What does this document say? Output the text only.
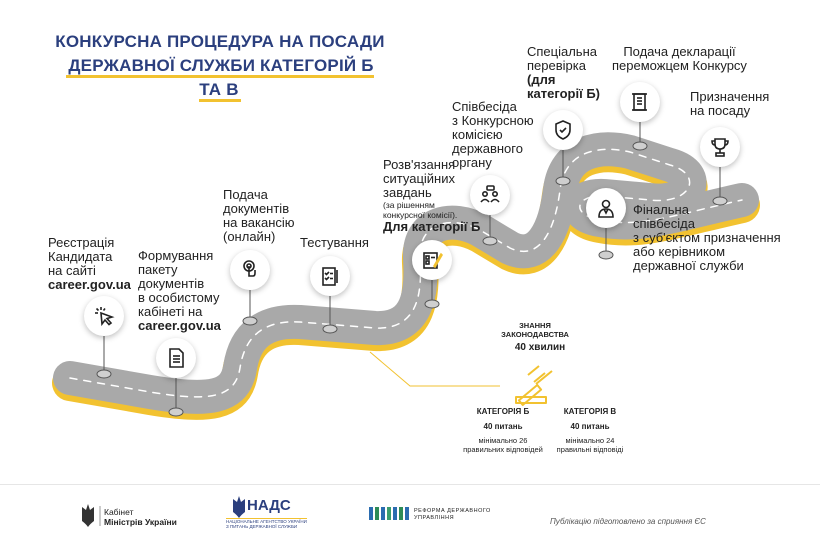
КОНКУРСНА ПРОЦЕДУРА НА ПОСАДИ
ДЕРЖАВНОЇ СЛУЖБИ КАТЕГОРІЙ Б ТА В
Реєстрація
Кандидата
на сайті
career.gov.ua
Формування
пакету
документів
в особистому
кабінеті на
career.gov.ua
Подача
документів
на вакансію
(онлайн)	Тестування
Розв'язання
ситуаційних
завдань
(за рішенням
конкурсної комісії).
Для категорії Б
Співбесіда
з Конкурсною
комісією
державного
органу
Спеціальна
перевірка
(для
категорії Б)
Подача декларації
переможцем Конкурсу
Призначення
на посаду
Фінальна
співбесіда
з суб'єктом призначення
або керівником
державної служби
ЗНАННЯ
ЗАКОНОДАВСТВА
40 хвилин
КАТЕГОРІЯ Б
40 питань
мінімально 26
правильних відповідей
КАТЕГОРІЯ В
40 питань
мінімально 24
правильні відповіді
Кабінет
Міністрів України
НАДС
НАЦІОНАЛЬНЕ АГЕНТСТВО УКРАЇНИ
З ПИТАНЬ ДЕРЖАВНОЇ СЛУЖБИ
РЕФОРМА ДЕРЖАВНОГО
УПРАВЛІННЯ	Публікацію підготовлено за сприяння ЄС
